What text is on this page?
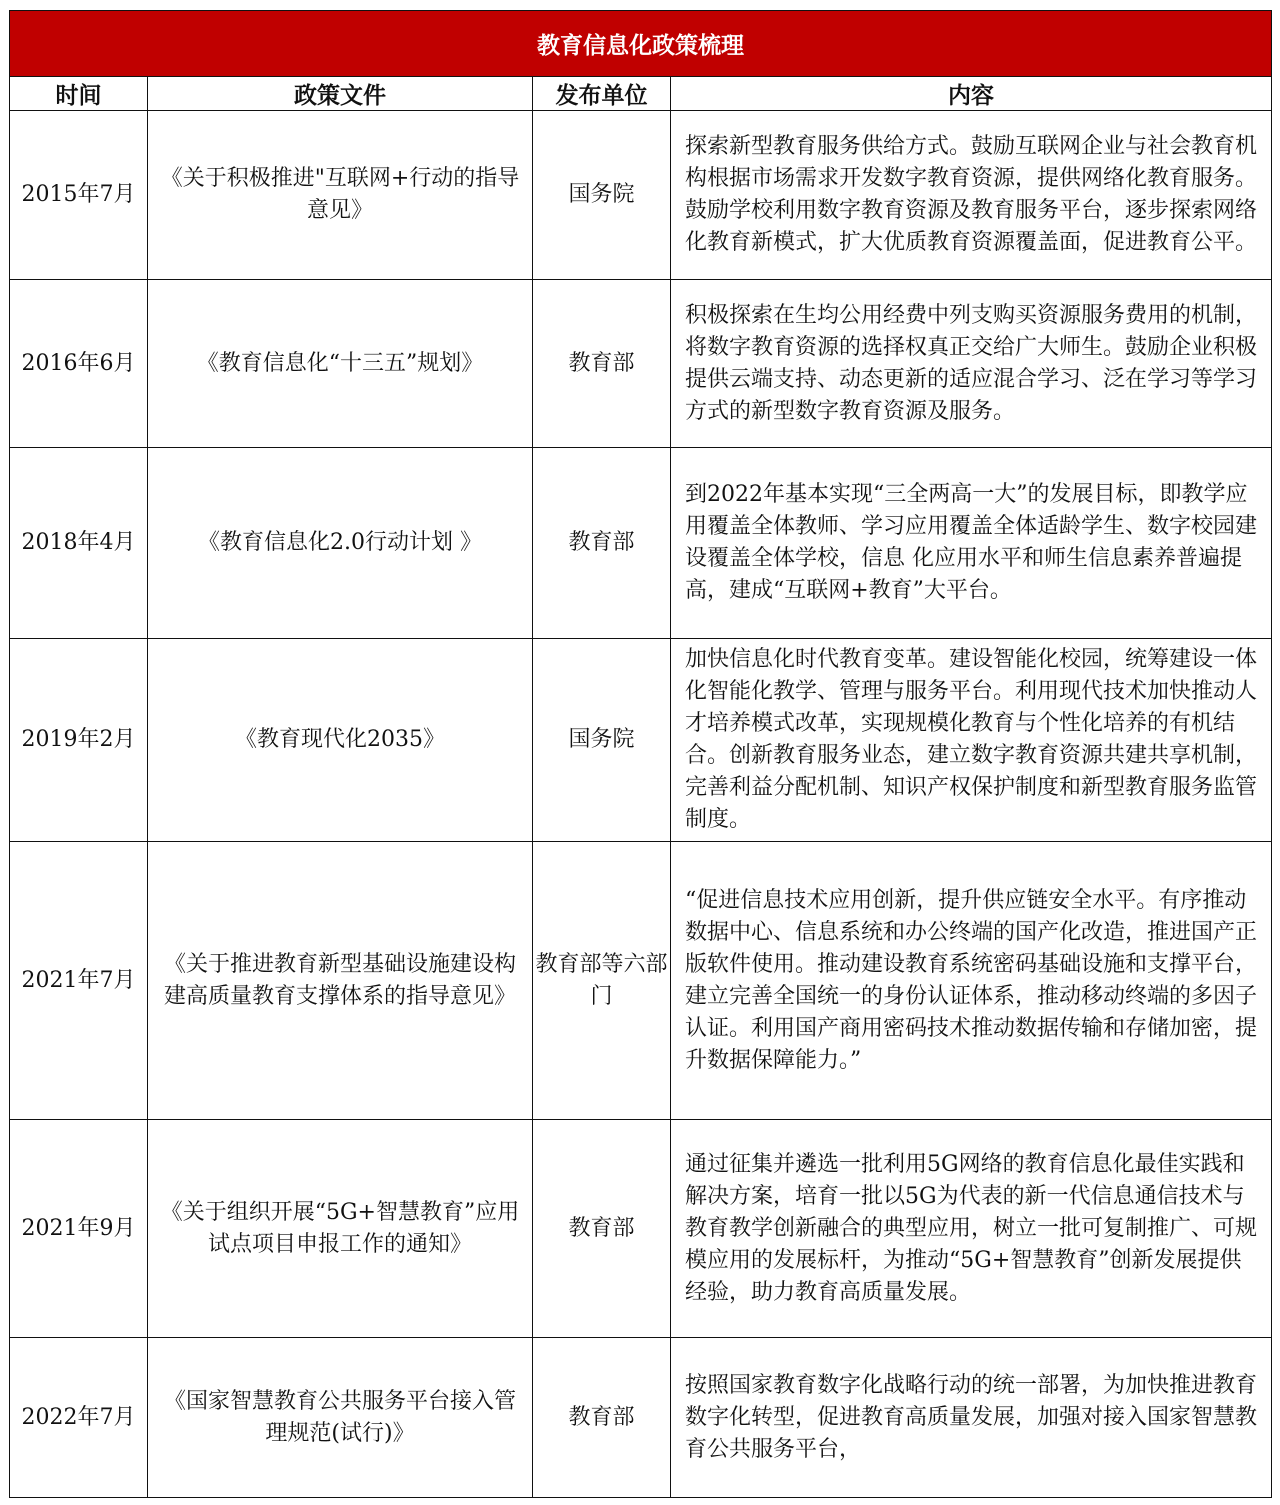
教育信息化政策梳理			
时间	政策文件	发布单位	内容
2015年7月	《关于积极推进"互联网+行动的指导意见》	国务院	探索新型教育服务供给方式。鼓励互联网企业与社会教育机构根据市场需求开发数字教育资源，提供网络化教育服务。鼓励学校利用数字教育资源及教育服务平台，逐步探索网络化教育新模式，扩大优质教育资源覆盖面，促进教育公平。

2016年6月	《教育信息化“十三五”规划》	教育部	积极探索在生均公用经费中列支购买资源服务费用的机制，将数字教育资源的选择权真正交给广大师生。鼓励企业积极提供云端支持、动态更新的适应混合学习、泛在学习等学习方式的新型数字教育资源及服务。

2018年4月	《教育信息化2.0行动计划 》	教育部	到2022年基本实现“三全两高一大”的发展目标，即教学应用覆盖全体教师、学习应用覆盖全体适龄学生、数字校园建设覆盖全体学校，信息 化应用水平和师生信息素养普遍提高，建成“互联网+教育”大平台。

2019年2月	《教育现代化2035》	国务院	加快信息化时代教育变革。建设智能化校园，统筹建设一体化智能化教学、管理与服务平台。利用现代技术加快推动人才培养模式改革，实现规模化教育与个性化培养的有机结合。创新教育服务业态，建立数字教育资源共建共享机制，完善利益分配机制、知识产权保护制度和新型教育服务监管制度。

2021年7月	《关于推进教育新型基础设施建设构建高质量教育支撑体系的指导意见》	教育部等六部门	“促进信息技术应用创新，提升供应链安全水平。有序推动数据中心、信息系统和办公终端的国产化改造，推进国产正版软件使用。推动建设教育系统密码基础设施和支撑平台，建立完善全国统一的身份认证体系，推动移动终端的多因子认证。利用国产商用密码技术推动数据传输和存储加密，提升数据保障能力。”

2021年9月	《关于组织开展“5G+智慧教育”应用试点项目申报工作的通知》	教育部	通过征集并遴选一批利用5G网络的教育信息化最佳实践和解决方案，培育一批以5G为代表的新一代信息通信技术与教育教学创新融合的典型应用，树立一批可复制推广、可规模应用的发展标杆，为推动“5G+智慧教育”创新发展提供经验，助力教育高质量发展。

2022年7月	《国家智慧教育公共服务平台接入管理规范(试行)》	教育部	按照国家教育数字化战略行动的统一部署，为加快推进教育数字化转型，促进教育高质量发展，加强对接入国家智慧教育公共服务平台，
